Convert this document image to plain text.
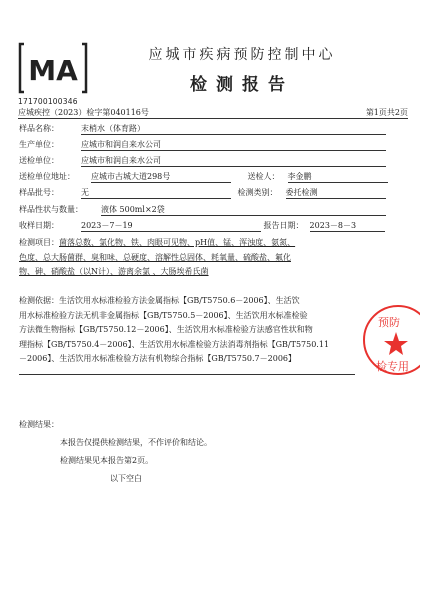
MA
171700100346
应城市疾病预防控制中心
检测报告
应城疾控（2023）检字第040116号	第1页共2页
样品名称：	末梢水（体育路）
生产单位：	应城市和润自来水公司
送检单位：	应城市和润自来水公司
送检单位地址： 应城市古城大道298号	送检人： 李金鹏
样品批号：	无	检测类别： 委托检测
样品性状与数量： 液体 500ml×2袋
收样日期：	2023－7－19	报告日期： 2023－8－3
检测项目：菌落总数、氯化物、铁、肉眼可见物、pH值、锰、浑浊度、氨氮、
色度、总大肠菌群、臭和味、总硬度、溶解性总固体、耗氧量、硫酸盐、氟化
物、砷、硝酸盐（以N计）、游离余氯 、大肠埃希氏菌
检测依据：生活饮用水标准检验方法金属指标【GB/T5750.6－2006】、生活饮
用水标准检验方法无机非金属指标【GB/T5750.5－2006】、生活饮用水标准检验
方法微生物指标【GB/T5750.12－2006】、生活饮用水标准检验方法感官性状和物
理指标【GB/T5750.4－2006】、生活饮用水标准检验方法消毒剂指标【GB/T5750.11
－2006】、生活饮用水标准检验方法有机物综合指标【GB/T5750.7－2006】
检测结果：
本报告仅提供检测结果，不作评价和结论。
检测结果见本报告第2页。
以下空白
预防
检专用
